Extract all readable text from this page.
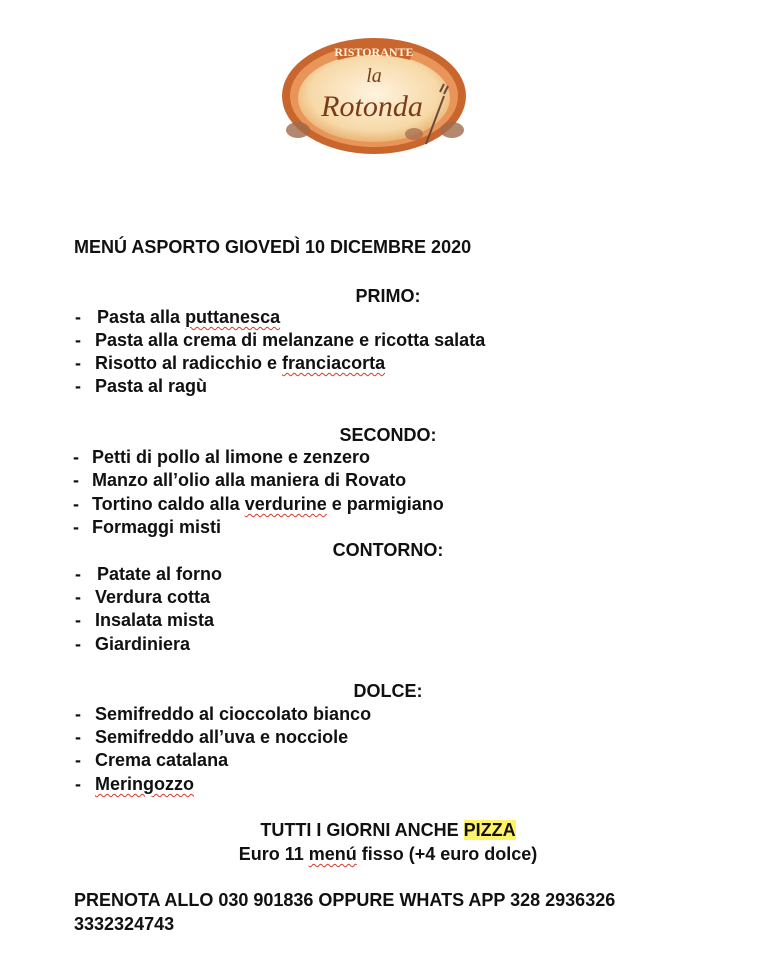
RISTORANTE
la
Rotonda
MENÚ ASPORTO GIOVEDÌ 10 DICEMBRE 2020
PRIMO:
- Pasta alla puttanesca
- Pasta alla crema di melanzane e ricotta salata
- Risotto al radicchio e franciacorta
- Pasta al ragù
SECONDO:
- Petti di pollo al limone e zenzero
- Manzo all’olio alla maniera di Rovato
- Tortino caldo alla verdurine e parmigiano
- Formaggi misti
CONTORNO:
- Patate al forno
- Verdura cotta
- Insalata mista
- Giardiniera
DOLCE:
- Semifreddo al cioccolato bianco
- Semifreddo all’uva e nocciole
- Crema catalana
- Meringozzo
TUTTI I GIORNI ANCHE PIZZA
Euro 11 menú fisso (+4 euro dolce)
PRENOTA ALLO 030 901836 OPPURE WHATS APP 328 2936326
3332324743
